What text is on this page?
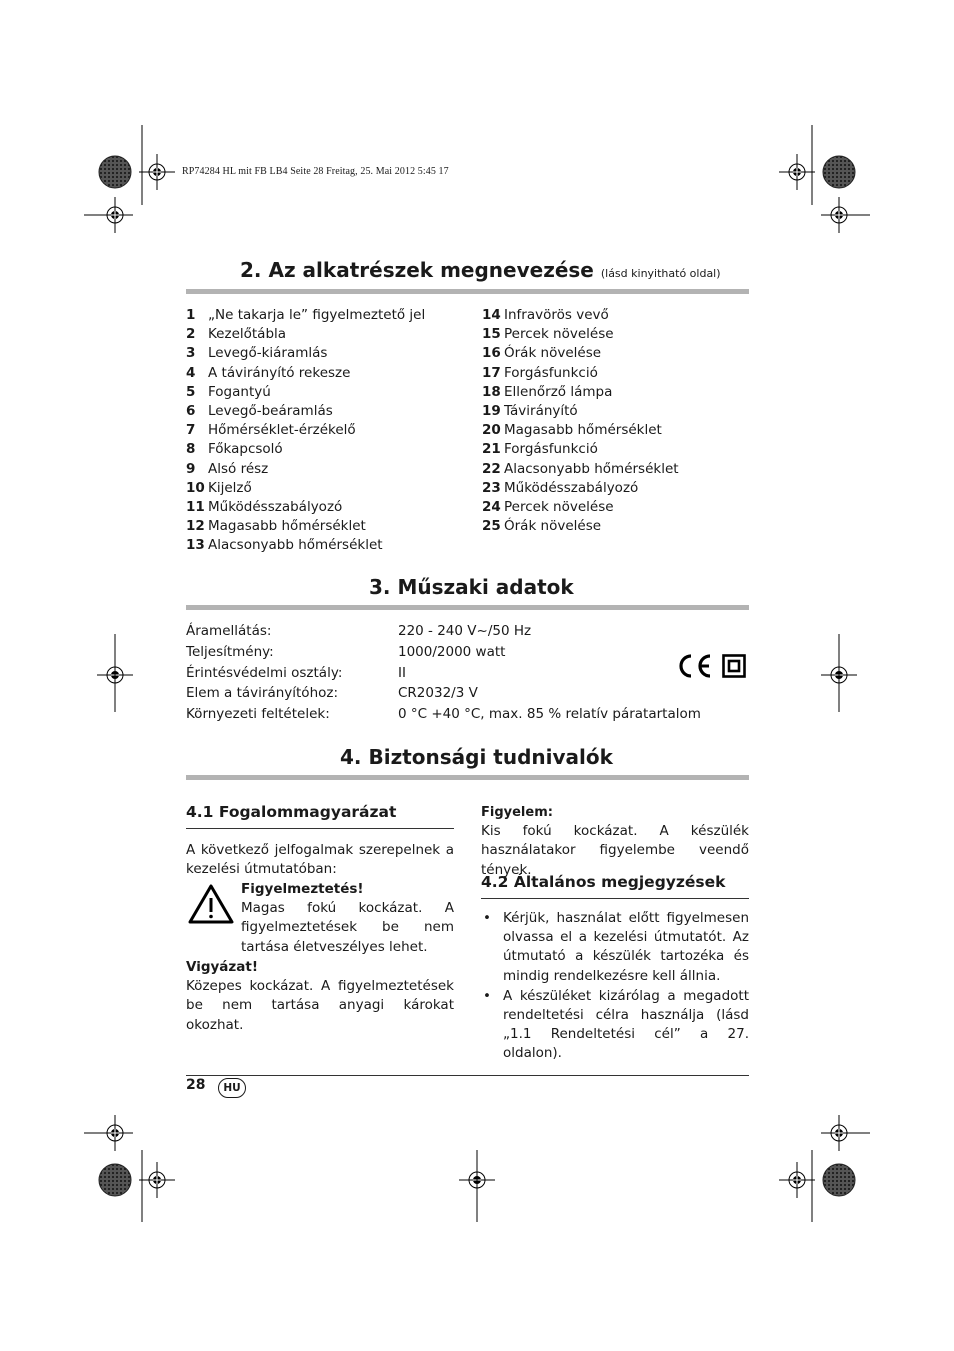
RP74284 HL mit FB LB4 Seite 28 Freitag, 25. Mai 2012 5:45 17
2. Az alkatrészek megnevezése (lásd kinyitható oldal)
1 „Ne takarja le” figyelmeztető jel
2 Kezelőtábla
3 Levegő-kiáramlás
4 A távirányító rekesze
5 Fogantyú
6 Levegő-beáramlás
7 Hőmérséklet-érzékelő
8 Főkapcsoló
9 Alsó rész
10 Kijelző
11 Működésszabályozó
12 Magasabb hőmérséklet
13 Alacsonyabb hőmérséklet
14 Infravörös vevő
15 Percek növelése
16 Órák növelése
17 Forgásfunkció
18 Ellenőrző lámpa
19 Távirányító
20 Magasabb hőmérséklet
21 Forgásfunkció
22 Alacsonyabb hőmérséklet
23 Működésszabályozó
24 Percek növelése
25 Órák növelése
3. Műszaki adatok
Áramellátás:	220 - 240 V~/50 Hz
Teljesítmény:	1000/2000 watt
Érintésvédelmi osztály:	II
Elem a távirányítóhoz:	CR2032/3 V
Környezeti feltételek:	0 °C +40 °C, max. 85 % relatív páratartalom
4. Biztonsági tudnivalók
4.1 Fogalommagyarázat
A következő jelfogalmak szerepelnek a kezelési útmutatóban:
Figyelmeztetés!
Magas fokú kockázat. A figyelmeztetések be nem tartása életveszélyes lehet.
Vigyázat!
Közepes kockázat. A figyelmeztetések be nem tartása anyagi károkat okozhat.
Figyelem:
Kis fokú kockázat. A készülék használatakor figyelembe veendő tények.
4.2 Általános megjegyzések
• Kérjük, használat előtt figyelmesen olvassa el a kezelési útmutatót. Az útmutató a készülék tartozéka és mindig rendelkezésre kell állnia.
• A készüléket kizárólag a megadott rendeltetési célra használja (lásd „1.1 Rendeltetési cél” a 27. oldalon).
28	HU
